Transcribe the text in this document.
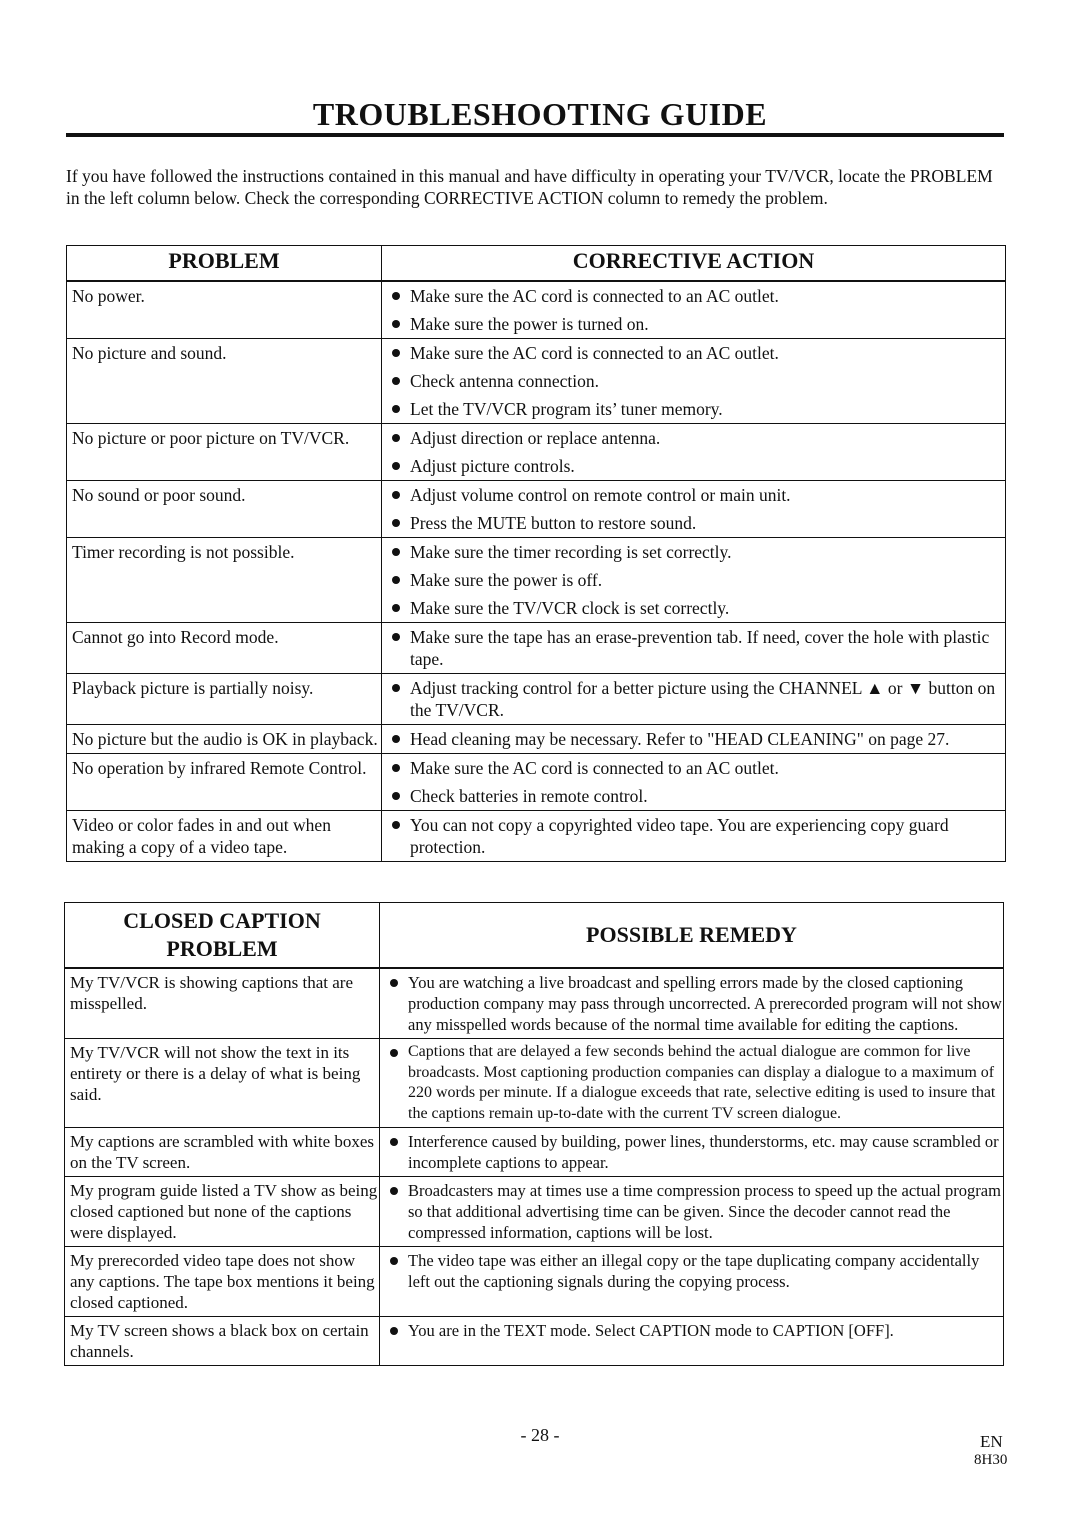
TROUBLESHOOTING GUIDE
If you have followed the instructions contained in this manual and have difficulty in operating your TV/VCR, locate the PROBLEM in the left column below. Check the corresponding CORRECTIVE ACTION column to remedy the problem.
PROBLEM	CORRECTIVE ACTION
No power.	Make sure the AC cord is connected to an AC outlet.
Make sure the power is turned on.

No picture and sound.	Make sure the AC cord is connected to an AC outlet.
Check antenna connection.
Let the TV/VCR program its’ tuner memory.

No picture or poor picture on TV/VCR.	Adjust direction or replace antenna.
Adjust picture controls.

No sound or poor sound.	Adjust volume control on remote control or main unit.
Press the MUTE button to restore sound.

Timer recording is not possible.	Make sure the timer recording is set correctly.
Make sure the power is off.
Make sure the TV/VCR clock is set correctly.

Cannot go into Record mode.	Make sure the tape has an erase-prevention tab. If need, cover the hole with plastic tape.

Playback picture is partially noisy.	Adjust tracking control for a better picture using the CHANNEL ▲ or ▼ button on the TV/VCR.

No picture but the audio is OK in playback.	Head cleaning may be necessary. Refer to "HEAD CLEANING" on page 27.

No operation by infrared Remote Control.	Make sure the AC cord is connected to an AC outlet.
Check batteries in remote control.

Video or color fades in and out when making a copy of a video tape.	You can not copy a copyrighted video tape. You are experiencing copy guard protection.
CLOSED CAPTION
PROBLEM	POSSIBLE REMEDY
My TV/VCR is showing captions that are misspelled.	You are watching a live broadcast and spelling errors made by the closed captioning production company may pass through uncorrected. A prerecorded program will not show any misspelled words because of the normal time available for editing the captions.

My TV/VCR will not show the text in its entirety or there is a delay of what is being said.	Captions that are delayed a few seconds behind the actual dialogue are common for live broadcasts. Most captioning production companies can display a dialogue to a maximum of 220 words per minute. If a dialogue exceeds that rate, selective editing is used to insure that the captions remain up-to-date with the current TV screen dialogue.

My captions are scrambled with white boxes on the TV screen.	Interference caused by building, power lines, thunderstorms, etc. may cause scrambled or incomplete captions to appear.

My program guide listed a TV show as being closed captioned but none of the captions were displayed.	Broadcasters may at times use a time compression process to speed up the actual program so that additional advertising time can be given. Since the decoder cannot read the compressed information, captions will be lost.

My prerecorded video tape does not show any captions. The tape box mentions it being closed captioned.	The video tape was either an illegal copy or the tape duplicating company accidentally left out the captioning signals during the copying process.

My TV screen shows a black box on certain channels.	You are in the TEXT mode. Select CAPTION mode to CAPTION [OFF].
- 28 -	EN
8H30
